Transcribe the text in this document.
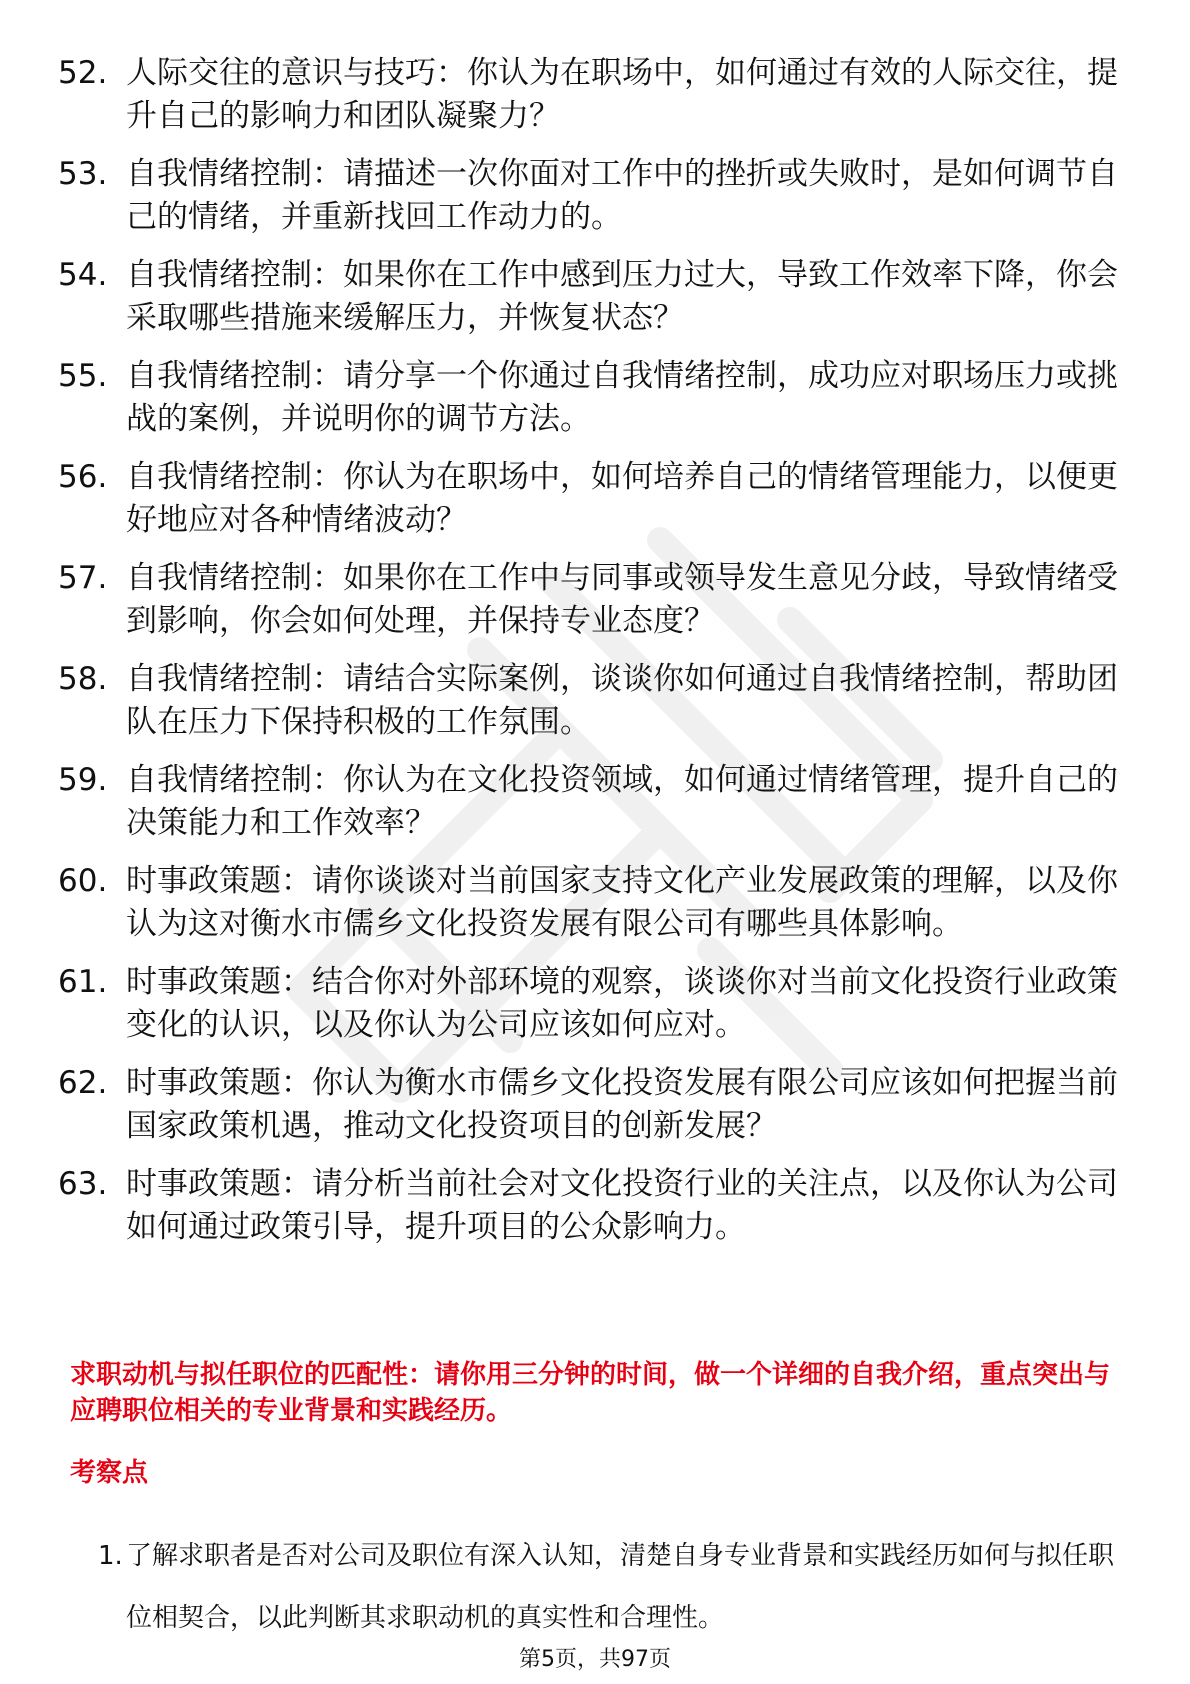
52. 人际交往的意识与技巧：你认为在职场中，如何通过有效的人际交往，提升自己的影响力和团队凝聚力？
53. 自我情绪控制：请描述一次你面对工作中的挫折或失败时，是如何调节自己的情绪，并重新找回工作动力的。
54. 自我情绪控制：如果你在工作中感到压力过大，导致工作效率下降，你会采取哪些措施来缓解压力，并恢复状态？
55. 自我情绪控制：请分享一个你通过自我情绪控制，成功应对职场压力或挑战的案例，并说明你的调节方法。
56. 自我情绪控制：你认为在职场中，如何培养自己的情绪管理能力，以便更好地应对各种情绪波动？
57. 自我情绪控制：如果你在工作中与同事或领导发生意见分歧，导致情绪受到影响，你会如何处理，并保持专业态度？
58. 自我情绪控制：请结合实际案例，谈谈你如何通过自我情绪控制，帮助团队在压力下保持积极的工作氛围。
59. 自我情绪控制：你认为在文化投资领域，如何通过情绪管理，提升自己的决策能力和工作效率？
60. 时事政策题：请你谈谈对当前国家支持文化产业发展政策的理解，以及你认为这对衡水市儒乡文化投资发展有限公司有哪些具体影响。
61. 时事政策题：结合你对外部环境的观察，谈谈你对当前文化投资行业政策变化的认识，以及你认为公司应该如何应对。
62. 时事政策题：你认为衡水市儒乡文化投资发展有限公司应该如何把握当前国家政策机遇，推动文化投资项目的创新发展？
63. 时事政策题：请分析当前社会对文化投资行业的关注点，以及你认为公司如何通过政策引导，提升项目的公众影响力。

求职动机与拟任职位的匹配性：请你用三分钟的时间，做一个详细的自我介绍，重点突出与应聘职位相关的专业背景和实践经历。

考察点

1. 了解求职者是否对公司及职位有深入认知，清楚自身专业背景和实践经历如何与拟任职位相契合，以此判断其求职动机的真实性和合理性。
第5页，共97页
